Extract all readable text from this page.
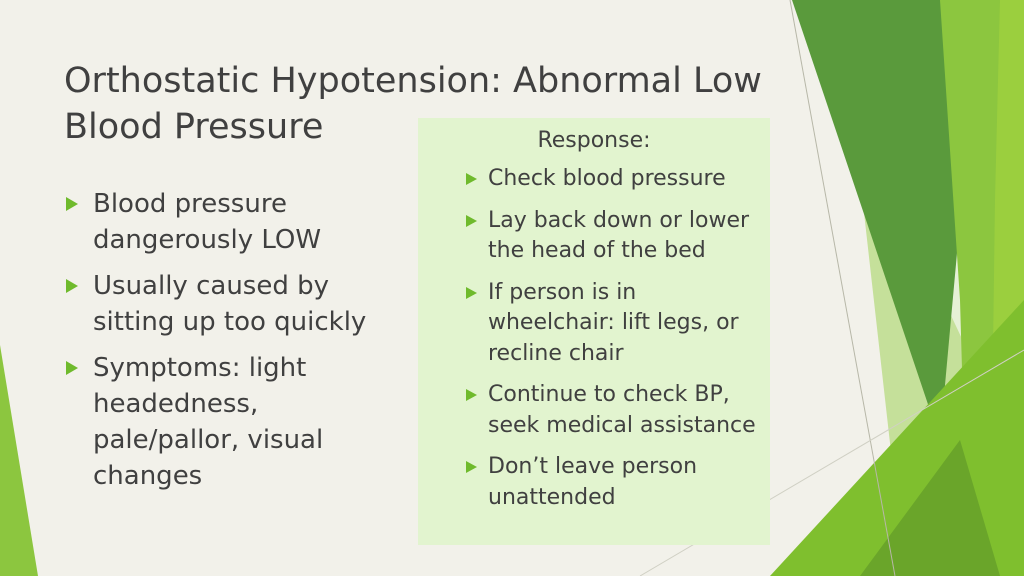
Orthostatic Hypotension: Abnormal Low Blood Pressure
Blood pressure dangerously LOW
Usually caused by sitting up too quickly
Symptoms: light headedness, pale/pallor, visual changes
Response:
Check blood pressure
Lay back down or lower the head of the bed
If person is in wheelchair: lift legs, or recline chair
Continue to check BP, seek medical assistance
Don’t leave person unattended
